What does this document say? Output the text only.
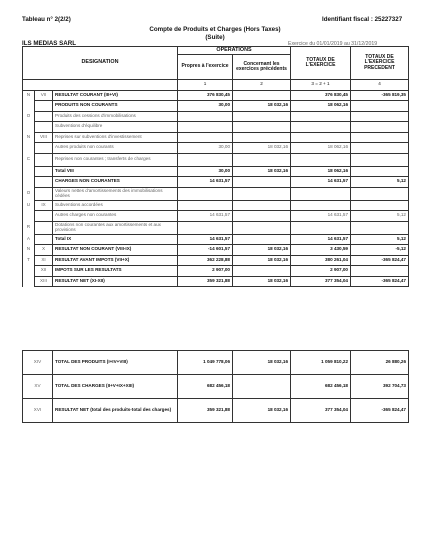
Tableau n° 2(2/2)	Identifiant fiscal : 25227327
Compte de Produits et Charges (Hors Taxes)
(Suite)
ILS MEDIAS SARL	Exercice du 01/01/2019 au 31/12/2019
DESIGNATION			OPERATIONS		TOTAUX DE L'EXERCICE	TOTAUX DE L'EXERCICE PRECEDENT
			Propres à l'exercice	Concernant les exercices précédents		
			1	2	3 = 2 + 1	4
N	VII	RESULTAT COURANT (III+VI)	376 830,45		376 830,45	-365 819,35
		PRODUITS NON COURANTS	30,00	18 032,16	18 062,16	
O		Produits des cessions d'immobilisations				
		Subventions d'équilibre				
N	VIII	Reprises sur subventions d'investissement				
		Autres produits non courants	30,00	18 032,16	18 062,16	
C		Reprises non courantes ; transferts de charges				
		Total VIII	30,00	18 032,16	18 062,16	
		CHARGES NON COURANTES	14 631,57		14 631,57	5,12
O		Valeurs nettes d'amortissements des immobilisations cédées				
U	IX	Subventions accordées				
		Autres charges non courantes	14 631,57		14 631,57	5,12
R		Dotations non courantes aux amortissements et aux provisions				
A		Total IX	14 631,57		14 631,57	5,12
N	X	RESULTAT NON COURANT (VIII-IX)	-14 601,57	18 032,16	3 430,59	-5,12
T	XI	RESULTAT AVANT IMPOTS (VII+X)	362 228,88	18 032,16	380 261,04	-365 824,47
	XII	IMPOTS SUR LES RESULTATS	2 907,00		2 907,00	
	XIII	RESULTAT NET (XI-XII)	359 321,88	18 032,16	377 354,04	-365 824,47
XIV	TOTAL DES PRODUITS (I+IV+VIII)	1 049 778,06	18 032,16	1 059 810,22	26 880,26
XV	TOTAL DES CHARGES (II+V+IX+XIII)	682 456,18		682 456,18	392 704,73
XVI	RESULTAT NET (total des produits-total des charges)	359 321,88	18 032,16	377 354,04	-365 824,47
